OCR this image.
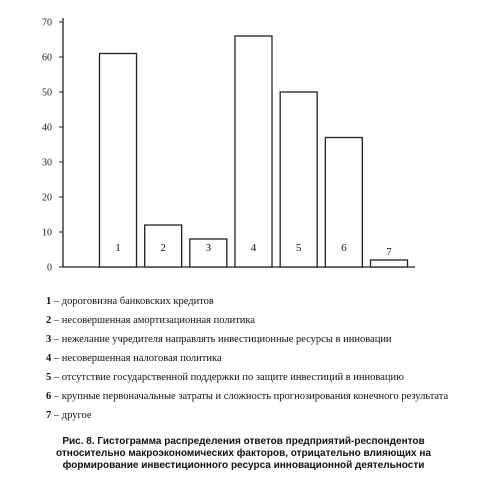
0
10
20
30
40
50
60
70
1	2	3	4	5	6	7
1 – дороговизна банковских кредитов
2 – несовершенная амортизационная политика
3 – нежелание учредителя направлять инвестиционные ресурсы в инновации
4 – несовершенная налоговая политика
5 – отсутствие государственной поддержки по защите инвестиций в инновацию
6 – крупные первоначальные затраты и сложность прогнозирования конечного результата
7 – другое
Рис. 8. Гистограмма распределения ответов предприятий-респондентов
относительно макроэкономических факторов, отрицательно влияющих на
формирование инвестиционного ресурса инновационной деятельности
